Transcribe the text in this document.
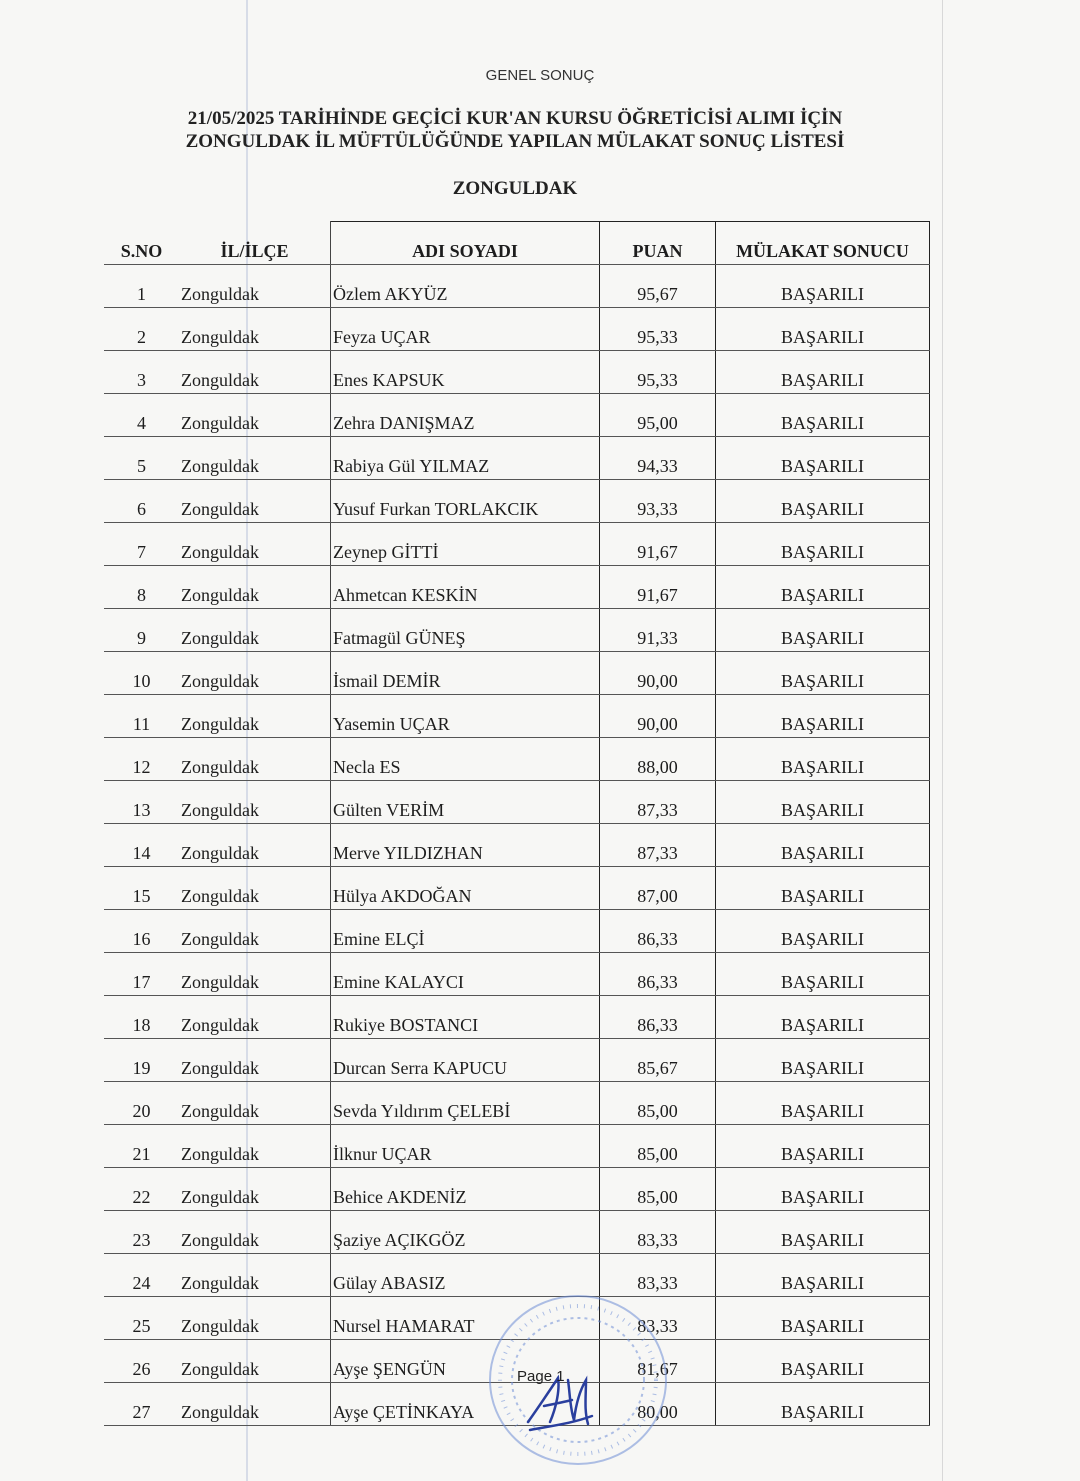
GENEL SONUÇ
21/05/2025 TARİHİNDE GEÇİCİ KUR'AN KURSU ÖĞRETİCİSİ ALIMI İÇİN
ZONGULDAK İL MÜFTÜLÜĞÜNDE YAPILAN MÜLAKAT SONUÇ LİSTESİ
ZONGULDAK
S.NO	İL/İLÇE	ADI SOYADI	PUAN	MÜLAKAT SONUCU
1	Zonguldak	Özlem AKYÜZ	95,67	BAŞARILI
2	Zonguldak	Feyza UÇAR	95,33	BAŞARILI
3	Zonguldak	Enes KAPSUK	95,33	BAŞARILI
4	Zonguldak	Zehra DANIŞMAZ	95,00	BAŞARILI
5	Zonguldak	Rabiya Gül YILMAZ	94,33	BAŞARILI
6	Zonguldak	Yusuf Furkan TORLAKCIK	93,33	BAŞARILI
7	Zonguldak	Zeynep GİTTİ	91,67	BAŞARILI
8	Zonguldak	Ahmetcan KESKİN	91,67	BAŞARILI
9	Zonguldak	Fatmagül GÜNEŞ	91,33	BAŞARILI
10	Zonguldak	İsmail DEMİR	90,00	BAŞARILI
11	Zonguldak	Yasemin UÇAR	90,00	BAŞARILI
12	Zonguldak	Necla ES	88,00	BAŞARILI
13	Zonguldak	Gülten VERİM	87,33	BAŞARILI
14	Zonguldak	Merve YILDIZHAN	87,33	BAŞARILI
15	Zonguldak	Hülya AKDOĞAN	87,00	BAŞARILI
16	Zonguldak	Emine ELÇİ	86,33	BAŞARILI
17	Zonguldak	Emine KALAYCI	86,33	BAŞARILI
18	Zonguldak	Rukiye BOSTANCI	86,33	BAŞARILI
19	Zonguldak	Durcan Serra KAPUCU	85,67	BAŞARILI
20	Zonguldak	Sevda Yıldırım ÇELEBİ	85,00	BAŞARILI
21	Zonguldak	İlknur UÇAR	85,00	BAŞARILI
22	Zonguldak	Behice AKDENİZ	85,00	BAŞARILI
23	Zonguldak	Şaziye AÇIKGÖZ	83,33	BAŞARILI
24	Zonguldak	Gülay ABASIZ	83,33	BAŞARILI
25	Zonguldak	Nursel HAMARAT	83,33	BAŞARILI
26	Zonguldak	Ayşe ŞENGÜN	81,67	BAŞARILI
27	Zonguldak	Ayşe ÇETİNKAYA	80,00	BAŞARILI
Page 1
